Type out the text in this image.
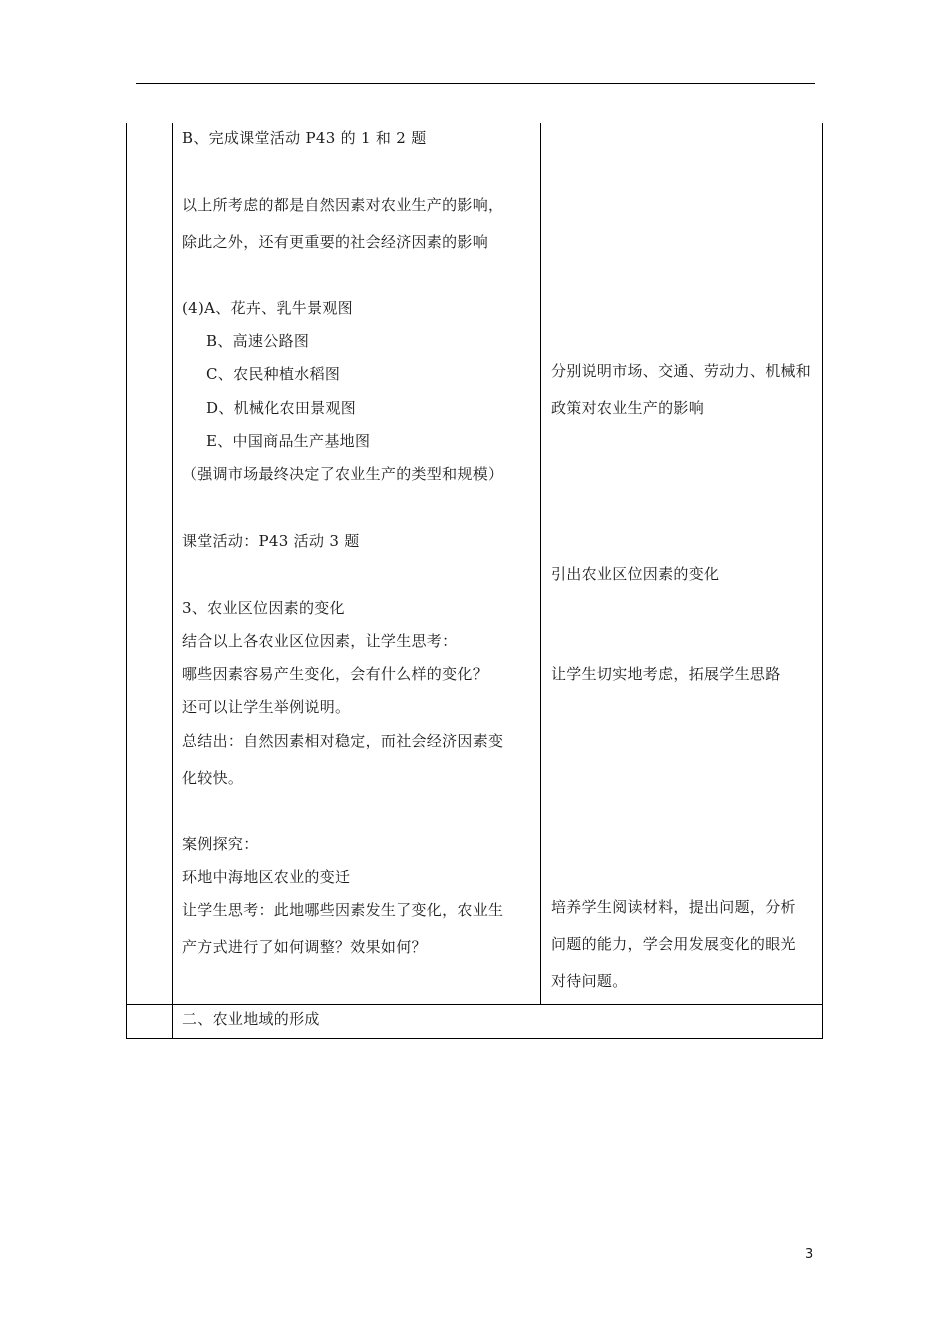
B、完成课堂活动 P43 的 1 和 2 题
以上所考虑的都是自然因素对农业生产的影响，
除此之外，还有更重要的社会经济因素的影响
(4)A、花卉、乳牛景观图
B、高速公路图
C、农民种植水稻图
D、机械化农田景观图
E、中国商品生产基地图
（强调市场最终决定了农业生产的类型和规模）
课堂活动：P43 活动 3 题
3、农业区位因素的变化
结合以上各农业区位因素，让学生思考：
哪些因素容易产生变化，会有什么样的变化？
还可以让学生举例说明。
总结出：自然因素相对稳定，而社会经济因素变
化较快。
案例探究：
环地中海地区农业的变迁
让学生思考：此地哪些因素发生了变化，农业生
产方式进行了如何调整？效果如何？
分别说明市场、交通、劳动力、机械和
政策对农业生产的影响
引出农业区位因素的变化
让学生切实地考虑，拓展学生思路
培养学生阅读材料，提出问题，分析
问题的能力，学会用发展变化的眼光
对待问题。
二、农业地域的形成
3
